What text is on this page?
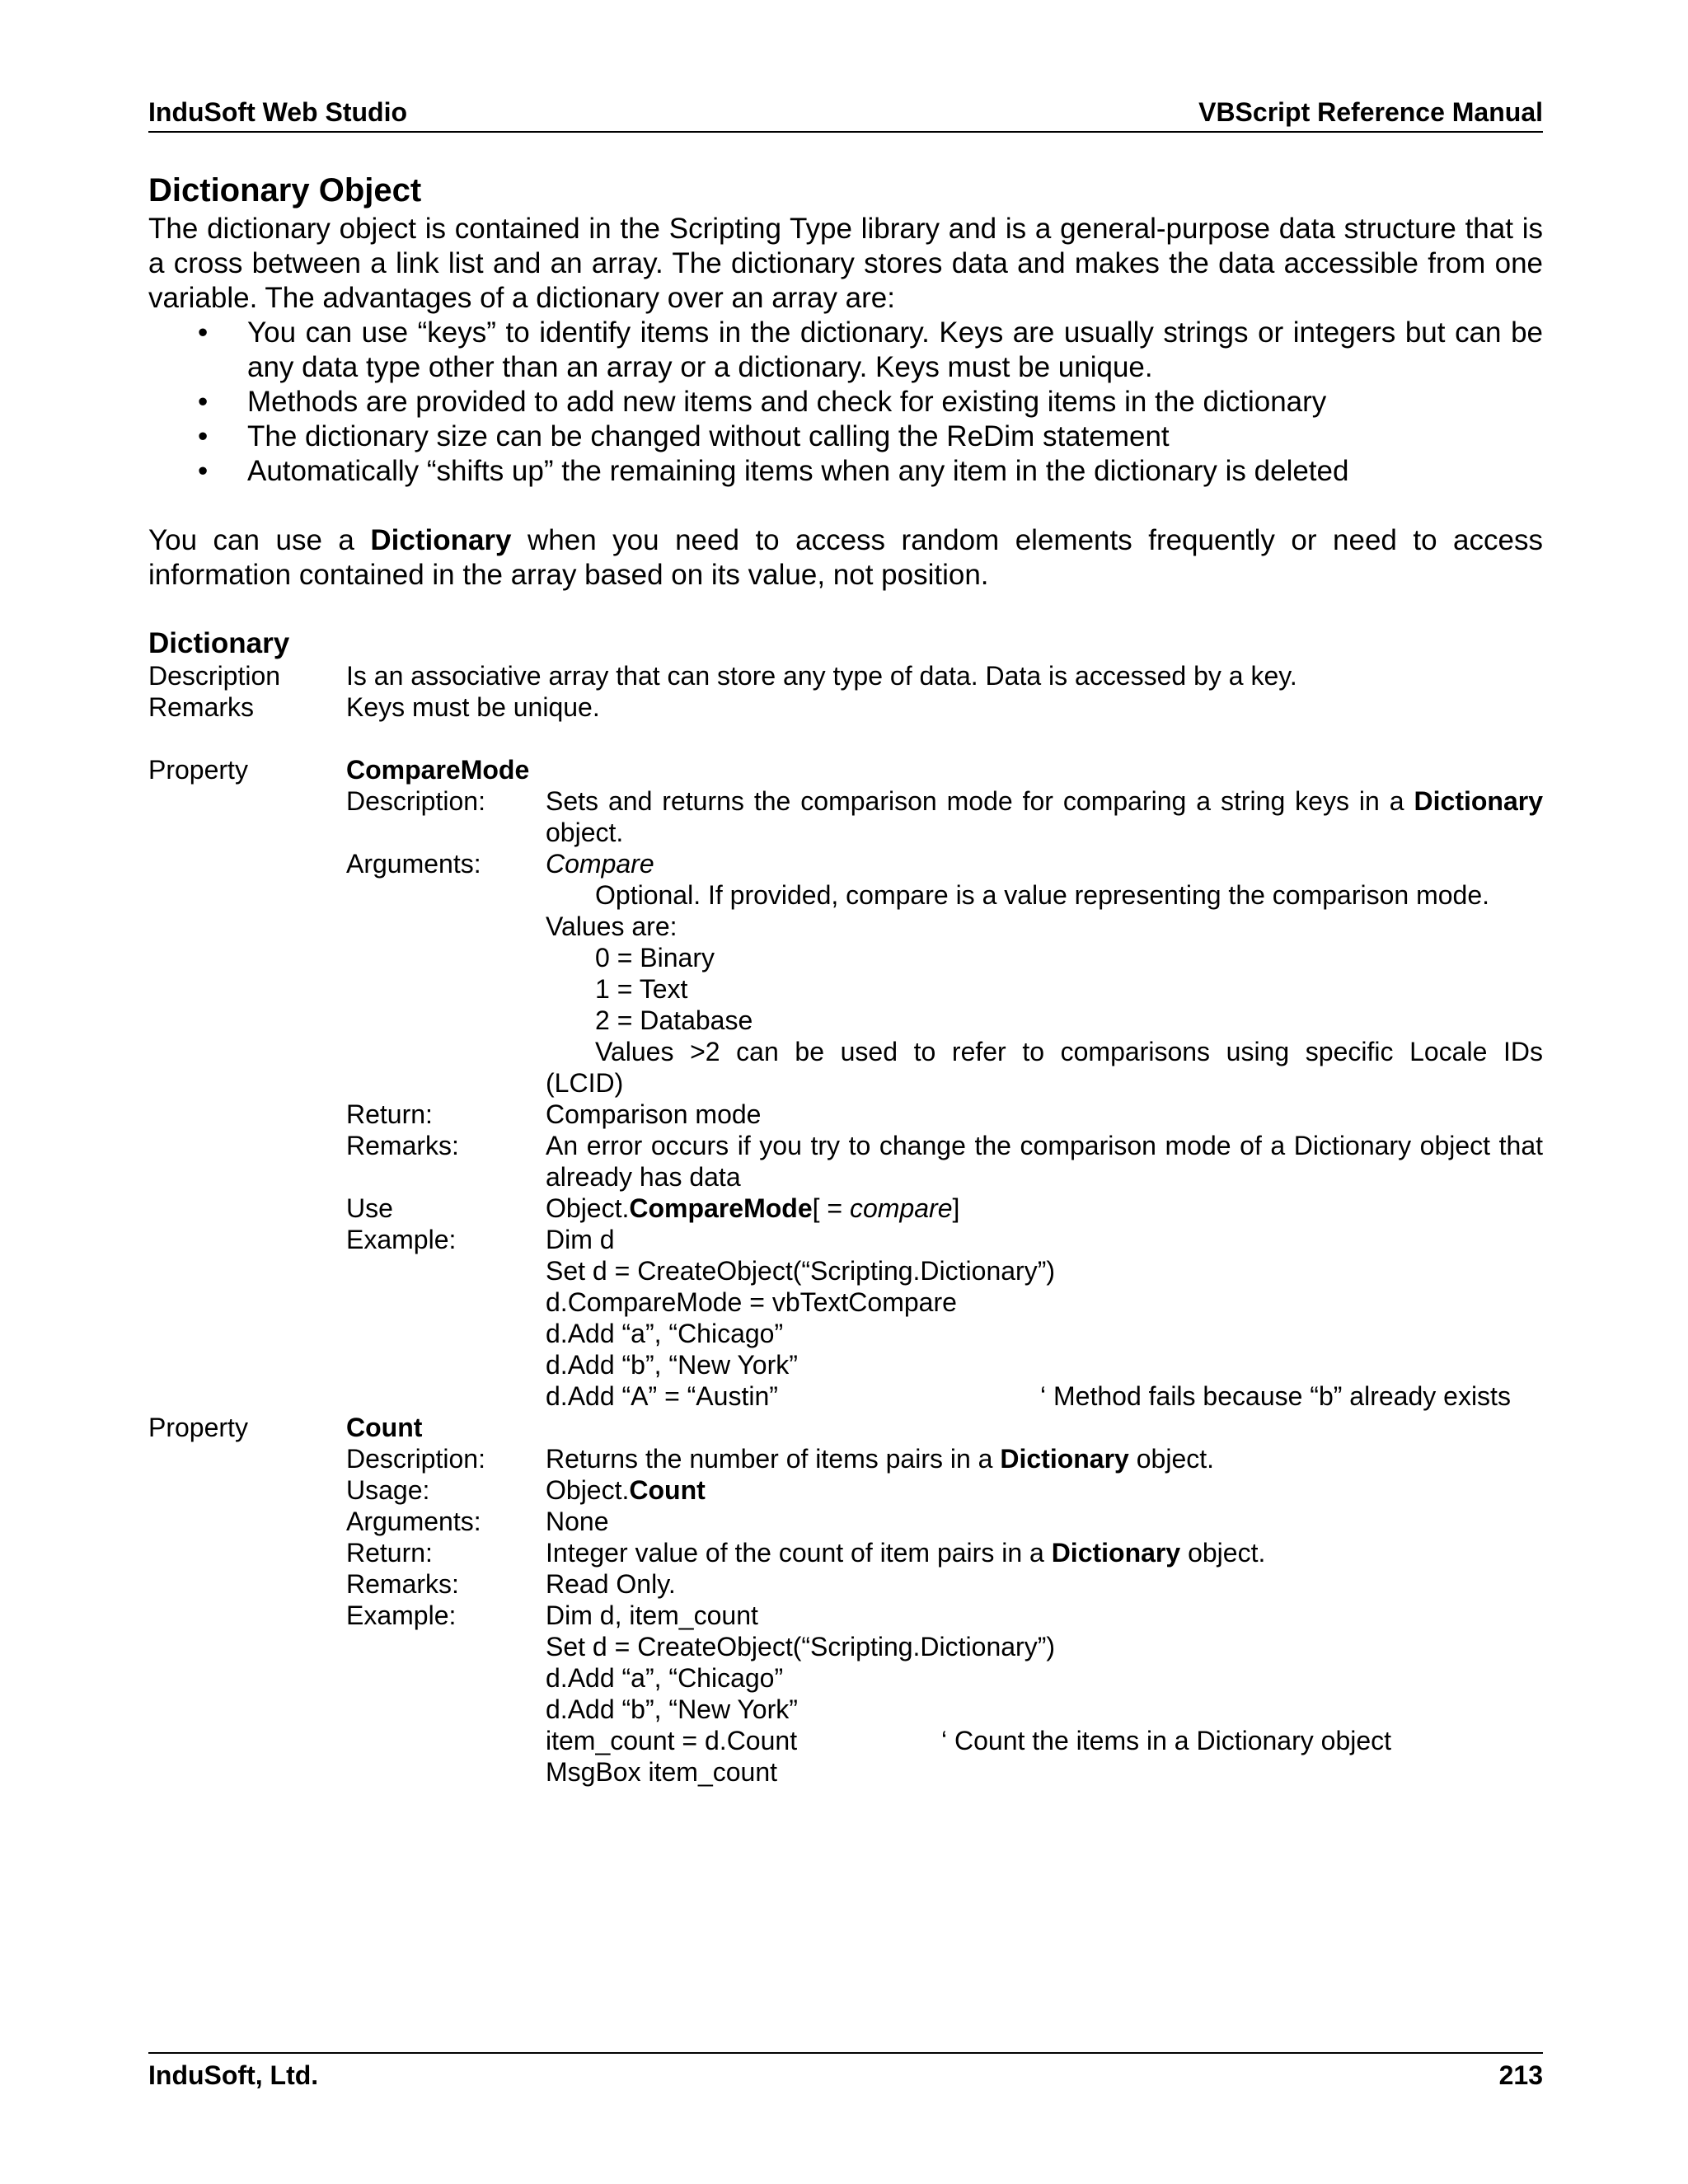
InduSoft Web Studio	VBScript Reference Manual
Dictionary Object

The dictionary object is contained in the Scripting Type library and is a general-purpose data structure that is a cross between a link list and an array. The dictionary stores data and makes the data accessible from one variable. The advantages of a dictionary over an array are:

• You can use “keys” to identify items in the dictionary. Keys are usually strings or integers but can be any data type other than an array or a dictionary. Keys must be unique.
• Methods are provided to add new items and check for existing items in the dictionary
• The dictionary size can be changed without calling the ReDim statement
• Automatically “shifts up” the remaining items when any item in the dictionary is deleted

You can use a Dictionary when you need to access random elements frequently or need to access information contained in the array based on its value, not position.

Dictionary
Description	Is an associative array that can store any type of data. Data is accessed by a key.
Remarks	Keys must be unique.
Property	CompareMode
Description:	Sets and returns the comparison mode for comparing a string keys in a Dictionary object.
Arguments:	Compare
Optional. If provided, compare is a value representing the comparison mode.
Values are:
0 = Binary
1 = Text
2 = Database
Values >2 can be used to refer to comparisons using specific Locale IDs
(LCID)
Return:	Comparison mode
Remarks:	An error occurs if you try to change the comparison mode of a Dictionary object that already has data
Use	Object.CompareMode[ = compare]
Example:	Dim d
Set d = CreateObject(“Scripting.Dictionary”)
d.CompareMode = vbTextCompare
d.Add “a”, “Chicago”
d.Add “b”, “New York”
d.Add “A” = “Austin”	‘ Method fails because “b” already exists
Property	Count
Description:	Returns the number of items pairs in a Dictionary object.
Usage:	Object.Count
Arguments:	None
Return:	Integer value of the count of item pairs in a Dictionary object.
Remarks:	Read Only.
Example:	Dim d, item_count
Set d = CreateObject(“Scripting.Dictionary”)
d.Add “a”, “Chicago”
d.Add “b”, “New York”
item_count = d.Count	‘ Count the items in a Dictionary object
MsgBox item_count
InduSoft, Ltd.	213
